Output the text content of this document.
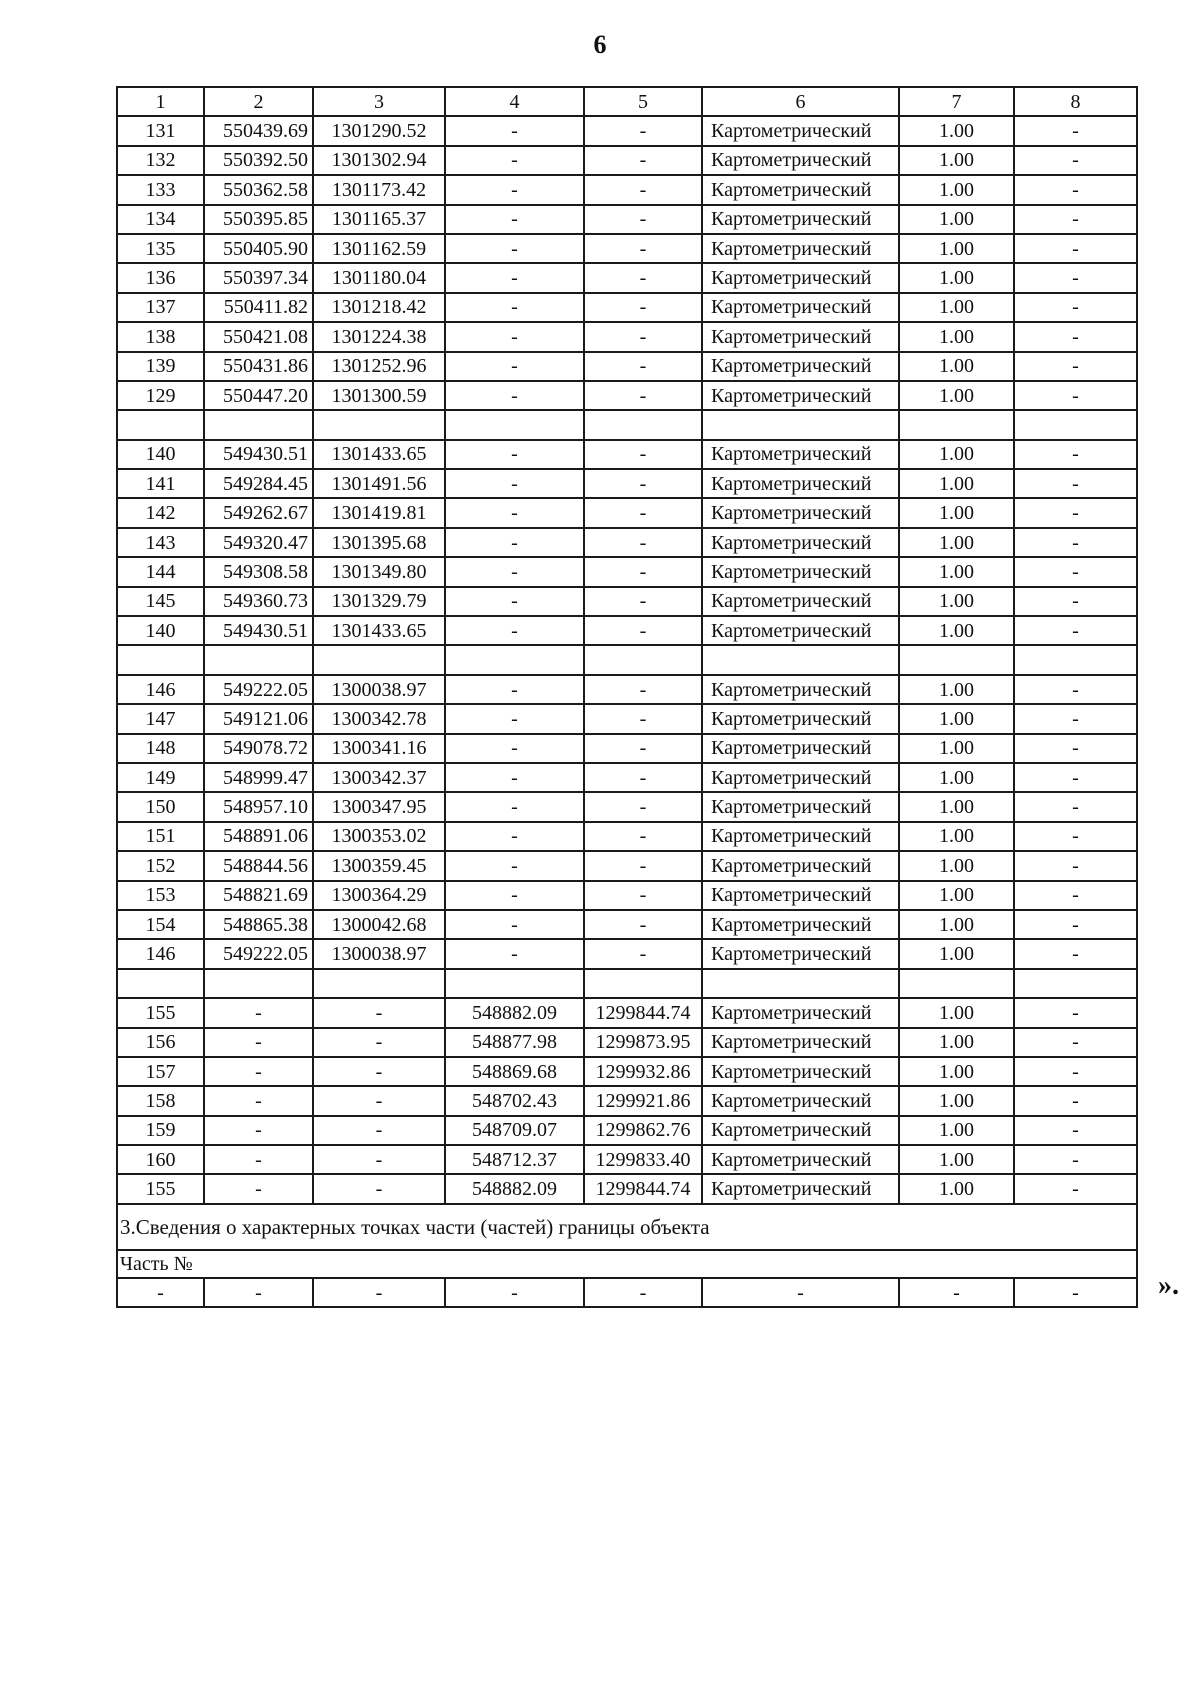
6
1	2	3	4	5	6	7	8
131	550439.69	1301290.52	-	-	Картометрический	1.00	-
132	550392.50	1301302.94	-	-	Картометрический	1.00	-
133	550362.58	1301173.42	-	-	Картометрический	1.00	-
134	550395.85	1301165.37	-	-	Картометрический	1.00	-
135	550405.90	1301162.59	-	-	Картометрический	1.00	-
136	550397.34	1301180.04	-	-	Картометрический	1.00	-
137	550411.82	1301218.42	-	-	Картометрический	1.00	-
138	550421.08	1301224.38	-	-	Картометрический	1.00	-
139	550431.86	1301252.96	-	-	Картометрический	1.00	-
129	550447.20	1301300.59	-	-	Картометрический	1.00	-

140	549430.51	1301433.65	-	-	Картометрический	1.00	-
141	549284.45	1301491.56	-	-	Картометрический	1.00	-
142	549262.67	1301419.81	-	-	Картометрический	1.00	-
143	549320.47	1301395.68	-	-	Картометрический	1.00	-
144	549308.58	1301349.80	-	-	Картометрический	1.00	-
145	549360.73	1301329.79	-	-	Картометрический	1.00	-
140	549430.51	1301433.65	-	-	Картометрический	1.00	-

146	549222.05	1300038.97	-	-	Картометрический	1.00	-
147	549121.06	1300342.78	-	-	Картометрический	1.00	-
148	549078.72	1300341.16	-	-	Картометрический	1.00	-
149	548999.47	1300342.37	-	-	Картометрический	1.00	-
150	548957.10	1300347.95	-	-	Картометрический	1.00	-
151	548891.06	1300353.02	-	-	Картометрический	1.00	-
152	548844.56	1300359.45	-	-	Картометрический	1.00	-
153	548821.69	1300364.29	-	-	Картометрический	1.00	-
154	548865.38	1300042.68	-	-	Картометрический	1.00	-
146	549222.05	1300038.97	-	-	Картометрический	1.00	-

155	-	-	548882.09	1299844.74	Картометрический	1.00	-
156	-	-	548877.98	1299873.95	Картометрический	1.00	-
157	-	-	548869.68	1299932.86	Картометрический	1.00	-
158	-	-	548702.43	1299921.86	Картометрический	1.00	-
159	-	-	548709.07	1299862.76	Картометрический	1.00	-
160	-	-	548712.37	1299833.40	Картометрический	1.00	-
155	-	-	548882.09	1299844.74	Картометрический	1.00	-
3.Сведения о характерных точках части (частей) границы объекта							
Часть №							
-	-	-	-	-	-	-	-	».
